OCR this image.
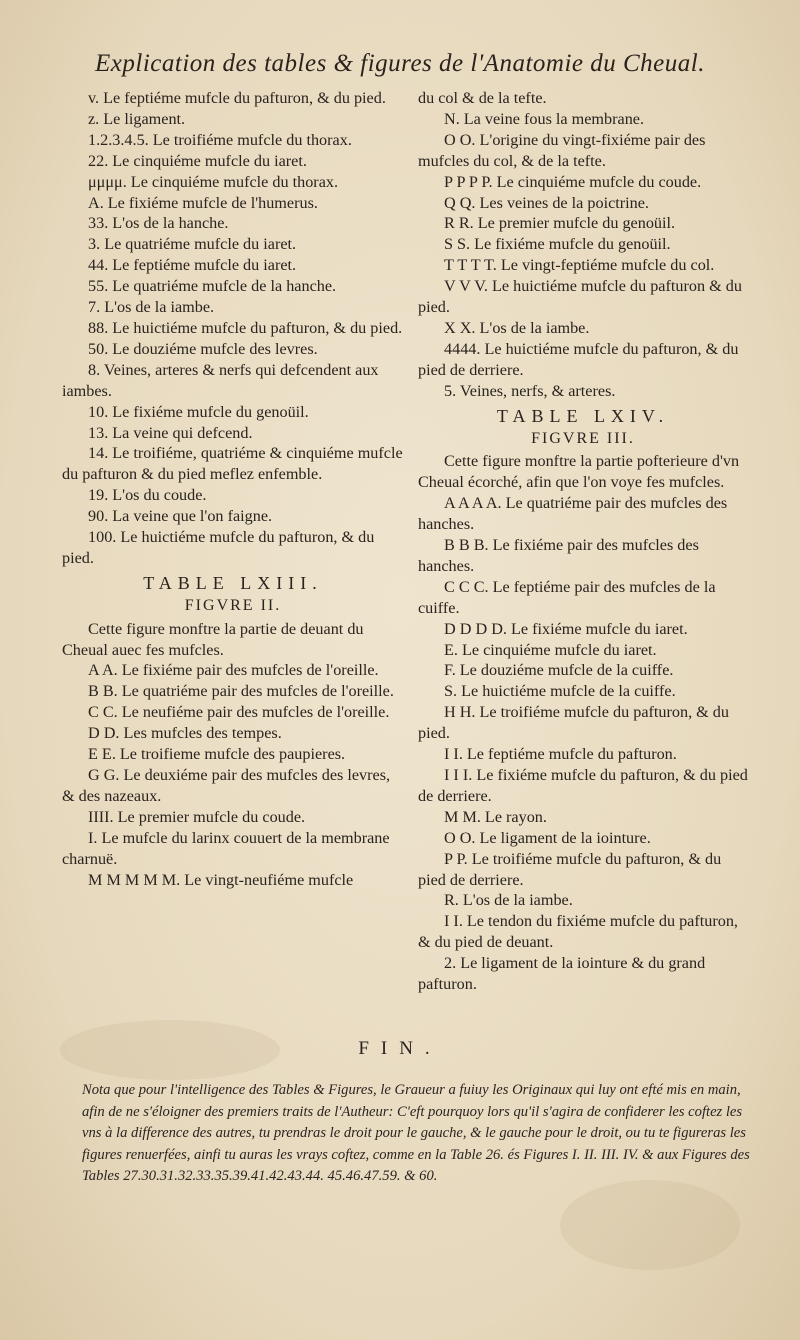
Explication des tables & figures de l'Anatomie du Cheual.

v. Le feptiéme mufcle du pafturon, & du pied.

z. Le ligament.

1.2.3.4.5. Le troifiéme mufcle du thorax.

22. Le cinquiéme mufcle du iaret.

μμμμ. Le cinquiéme mufcle du thorax.

A. Le fixiéme mufcle de l'humerus.

33. L'os de la hanche.

3. Le quatriéme mufcle du iaret.

44. Le feptiéme mufcle du iaret.

55. Le quatriéme mufcle de la hanche.

7. L'os de la iambe.

88. Le huictiéme mufcle du pafturon, & du pied.

50. Le douziéme mufcle des levres.

8. Veines, arteres & nerfs qui defcendent aux iambes.

10. Le fixiéme mufcle du genoüil.

13. La veine qui defcend.

14. Le troifiéme, quatriéme & cinquiéme mufcle du pafturon & du pied meflez enfemble.

19. L'os du coude.

90. La veine que l'on faigne.

100. Le huictiéme mufcle du pafturon, & du pied.

TABLE LXIII.
FIGVRE II.

Cette figure monftre la partie de deuant du Cheual auec fes mufcles.

A A. Le fixiéme pair des mufcles de l'oreille.

B B. Le quatriéme pair des mufcles de l'oreille.

C C. Le neufiéme pair des mufcles de l'oreille.

D D. Les mufcles des tempes.

E E. Le troifieme mufcle des paupieres.

G G. Le deuxiéme pair des mufcles des levres, & des nazeaux.

IIII. Le premier mufcle du coude.

I. Le mufcle du larinx couuert de la membrane charnuë.

M M M M M. Le vingt-neufiéme mufcle

du col & de la tefte.

N. La veine fous la membrane.

O O. L'origine du vingt-fixiéme pair des mufcles du col, & de la tefte.

P P P P. Le cinquiéme mufcle du coude.

Q Q. Les veines de la poictrine.

R R. Le premier mufcle du genoüil.

S S. Le fixiéme mufcle du genoüil.

T T T T. Le vingt-feptiéme mufcle du col.

V V V. Le huictiéme mufcle du pafturon & du pied.

X X. L'os de la iambe.

4444. Le huictiéme mufcle du pafturon, & du pied de derriere.

5. Veines, nerfs, & arteres.

TABLE LXIV.
FIGVRE III.

Cette figure monftre la partie pofterieure d'vn Cheual écorché, afin que l'on voye fes mufcles.

A A A A. Le quatriéme pair des mufcles des hanches.

B B B. Le fixiéme pair des mufcles des hanches.

C C C. Le feptiéme pair des mufcles de la cuiffe.

D D D D. Le fixiéme mufcle du iaret.

E. Le cinquiéme mufcle du iaret.

F. Le douziéme mufcle de la cuiffe.

S. Le huictiéme mufcle de la cuiffe.

H H. Le troifiéme mufcle du pafturon, & du pied.

I I. Le feptiéme mufcle du pafturon.

I I I. Le fixiéme mufcle du pafturon, & du pied de derriere.

M M. Le rayon.

O O. Le ligament de la iointure.

P P. Le troifiéme mufcle du pafturon, & du pied de derriere.

R. L'os de la iambe.

I I. Le tendon du fixiéme mufcle du pafturon, & du pied de deuant.

2. Le ligament de la iointure & du grand pafturon.

FIN.
Nota que pour l'intelligence des Tables & Figures, le Graueur a fuiuy les Originaux qui luy ont efté mis en main, afin de ne s'éloigner des premiers traits de l'Autheur: C'eft pourquoy lors qu'il s'agira de confiderer les coftez les vns à la difference des autres, tu prendras le droit pour le gauche, & le gauche pour le droit, ou tu te figureras les figures renuerfées, ainfi tu auras les vrays coftez, comme en la Table 26. és Figures I. II. III. IV. & aux Figures des Tables 27.30.31.32.33.35.39.41.42.43.44. 45.46.47.59. & 60.
